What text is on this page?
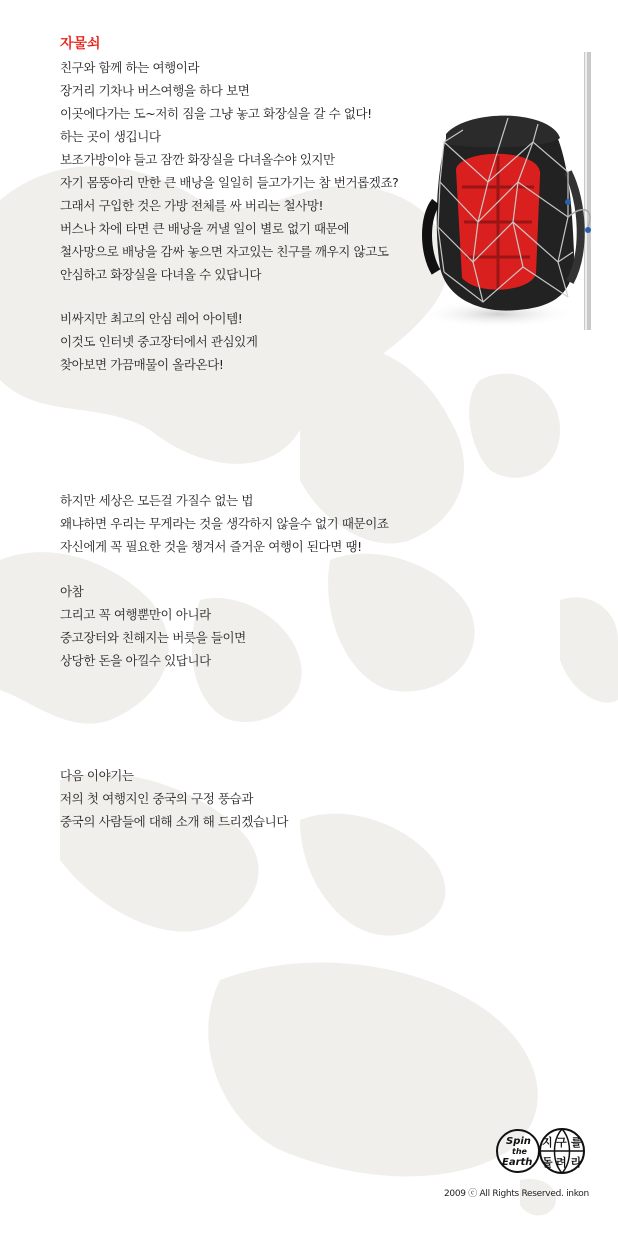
자물쇠
친구와 함께 하는 여행이라
장거리 기차나 버스여행을 하다 보면
이곳에다가는 도~저히 짐을 그냥 놓고 화장실을 갈 수 없다!
하는 곳이 생깁니다
보조가방이야 들고 잠깐 화장실을 다녀올수야 있지만
자기 몸뚱아리 만한 큰 배낭을 일일히 들고가기는 참 번거롭겠죠?
그래서 구입한 것은 가방 전체를 싸 버리는 철사망!
버스나 차에 타면 큰 배낭을 꺼낼 일이 별로 없기 때문에
철사망으로 배낭을 감싸 놓으면 자고있는 친구를 깨우지 않고도
안심하고 화장실을 다녀올 수 있답니다
비싸지만 최고의 안심 레어 아이템!
이것도 인터넷 중고장터에서 관심있게
찾아보면 가끔매물이 올라온다!
하지만 세상은 모든걸 가질수 없는 법
왜냐하면 우리는 무게라는 것을 생각하지 않을수 없기 때문이죠
자신에게 꼭 필요한 것을 챙겨서 즐거운 여행이 된다면 땡!
아참
그리고 꼭 여행뿐만이 아니라
중고장터와 친해지는 버릇을 들이면
상당한 돈을 아낄수 있답니다
다음 이야기는
저의 첫 여행지인 중국의 구정 풍습과
중국의 사람들에 대해 소개 해 드리겠습니다
Spin
the
Earth
지 구 를
돌 려 라
2009 ⓒ All Rights Reserved. inkon
